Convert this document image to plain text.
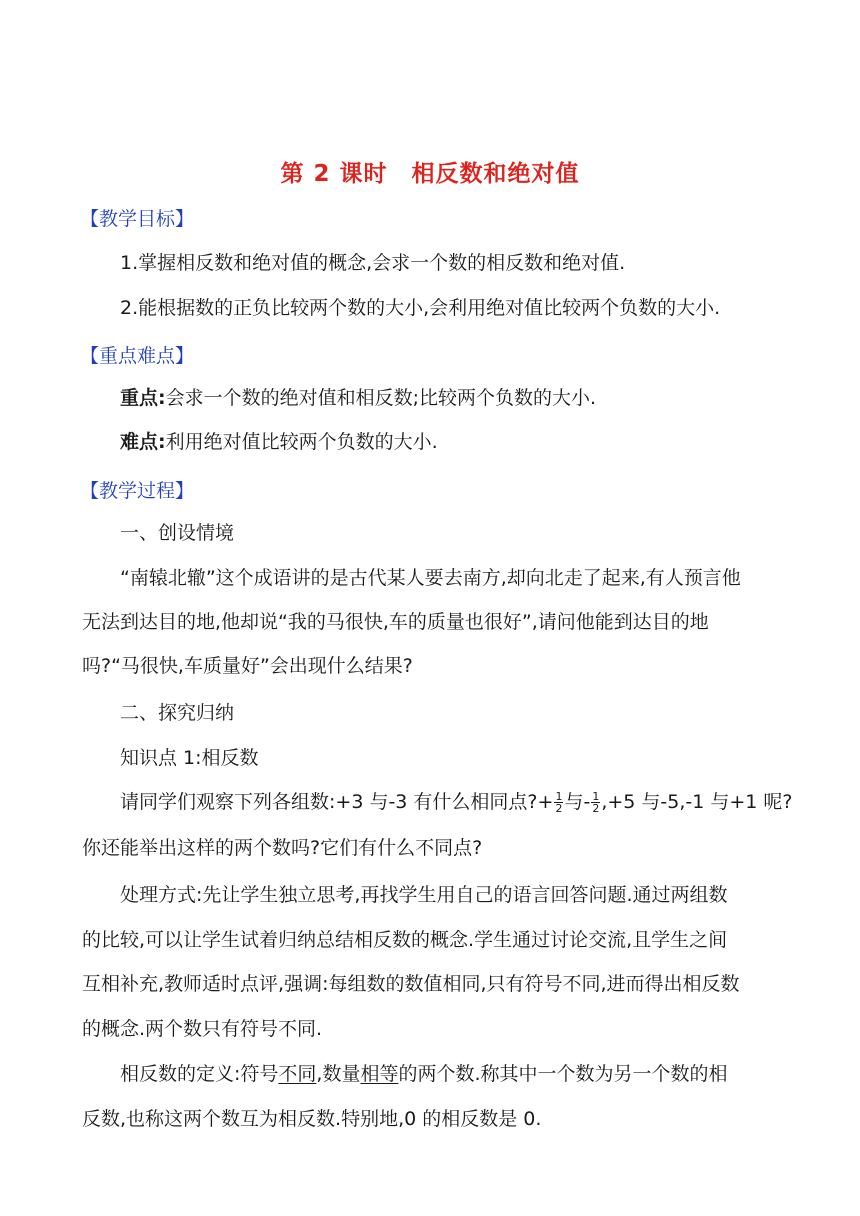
第 2 课时 相反数和绝对值
【教学目标】
1.掌握相反数和绝对值的概念,会求一个数的相反数和绝对值.
2.能根据数的正负比较两个数的大小,会利用绝对值比较两个负数的大小.
【重点难点】
重点:会求一个数的绝对值和相反数;比较两个负数的大小.
难点:利用绝对值比较两个负数的大小.
【教学过程】
一、创设情境
“南辕北辙”这个成语讲的是古代某人要去南方,却向北走了起来,有人预言他
无法到达目的地,他却说“我的马很快,车的质量也很好”,请问他能到达目的地
吗?“马很快,车质量好”会出现什么结果?
二、探究归纳
知识点 1:相反数
请同学们观察下列各组数:+3 与-3 有什么相同点?+ $\frac{1}{2}$ 与- $\frac{1}{2} ,+5$ 与-5,-1 与+1 呢?
你还能举出这样的两个数吗?它们有什么不同点?
处理方式:先让学生独立思考,再找学生用自己的语言回答问题.通过两组数
的比较,可以让学生试着归纳总结相反数的概念.学生通过讨论交流,且学生之间
互相补充,教师适时点评,强调:每组数的数值相同,只有符号不同,进而得出相反数
的概念.两个数只有符号不同.
相反数的定义:符号不同,数量相等的两个数.称其中一个数为另一个数的相
反数,也称这两个数互为相反数.特别地,0 的相反数是 0.
